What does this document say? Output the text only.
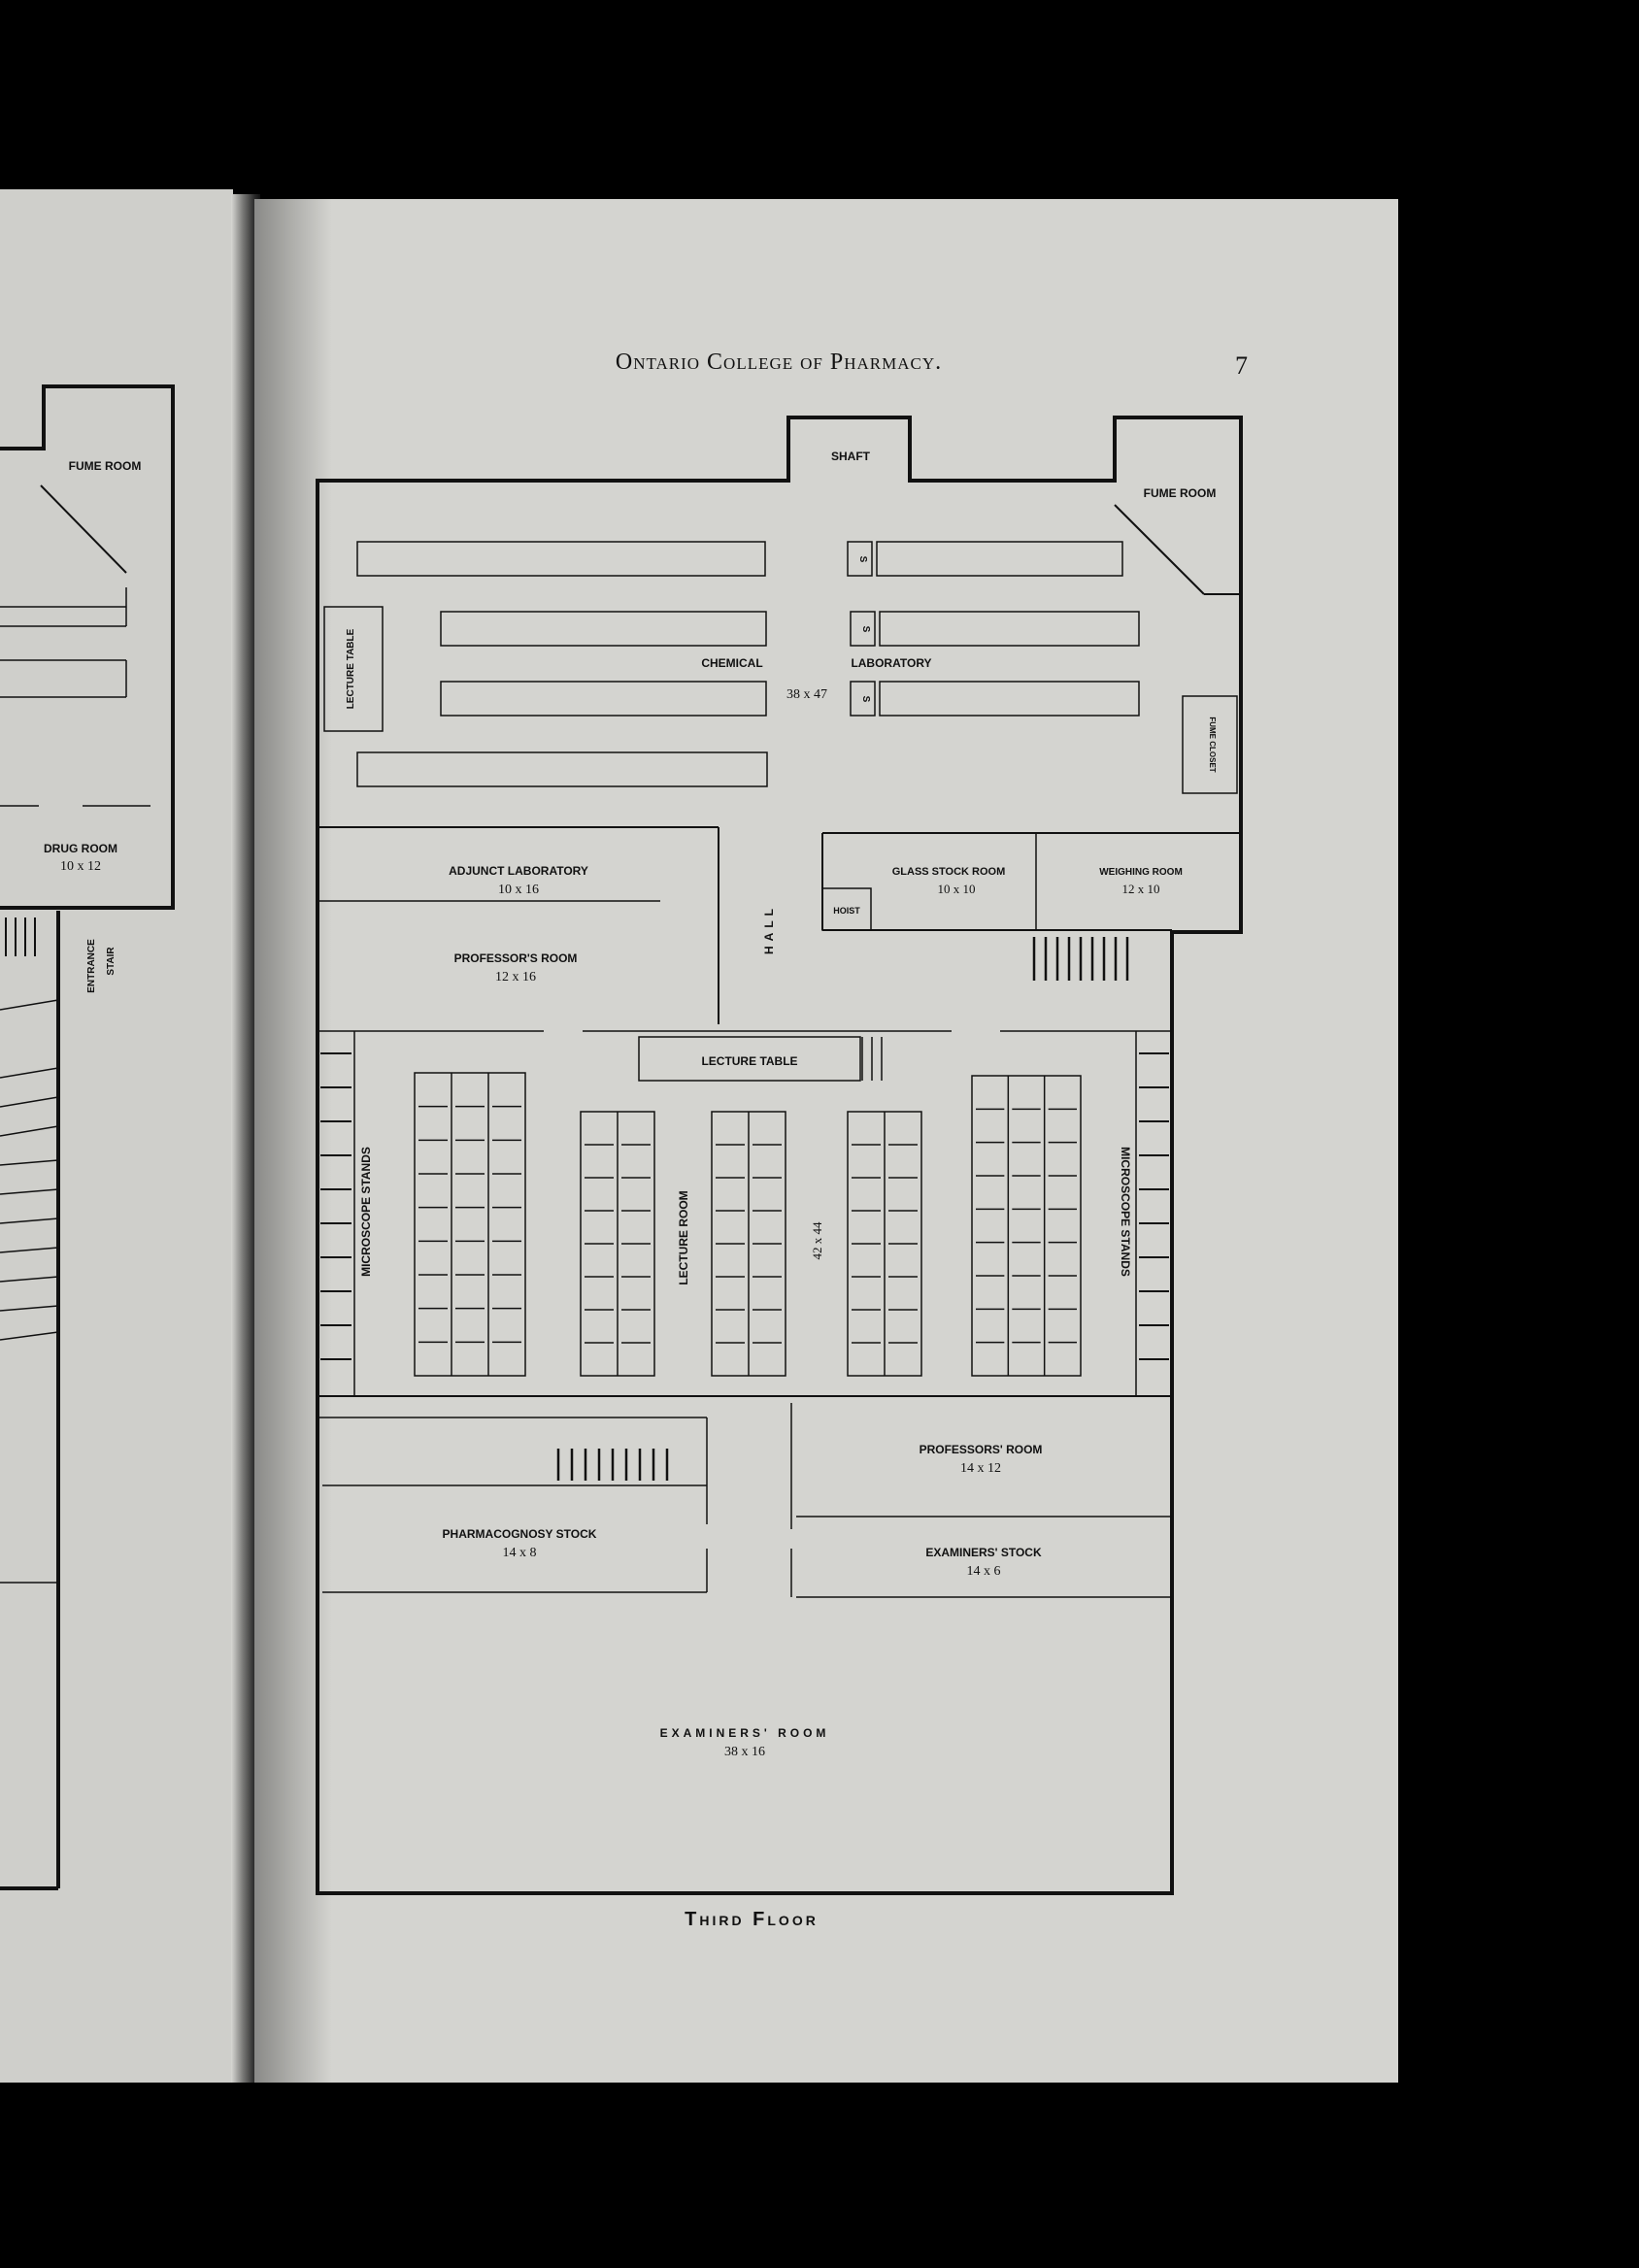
Ontario College of Pharmacy.	7
SHAFT
FUME ROOM
CHEMICAL	LABORATORY
38 x 47
S
S
S
LECTURE TABLE
FUME CLOSET
ADJUNCT LABORATORY
10 x 16
PROFESSOR'S ROOM
12 x 16
HALL
GLASS STOCK ROOM
10 x 10
HOIST
WEIGHING ROOM
12 x 10
LECTURE TABLE
MICROSCOPE STANDS	MICROSCOPE STANDS
LECTURE ROOM	42 x 44
PROFESSORS' ROOM
14 x 12
PHARMACOGNOSY STOCK
14 x 8	EXAMINERS' STOCK
14 x 6
EXAMINERS' ROOM
38 x 16
Third Floor
FUME ROOM
DRUG ROOM
10 x 12
ENTRANCE STAIR
